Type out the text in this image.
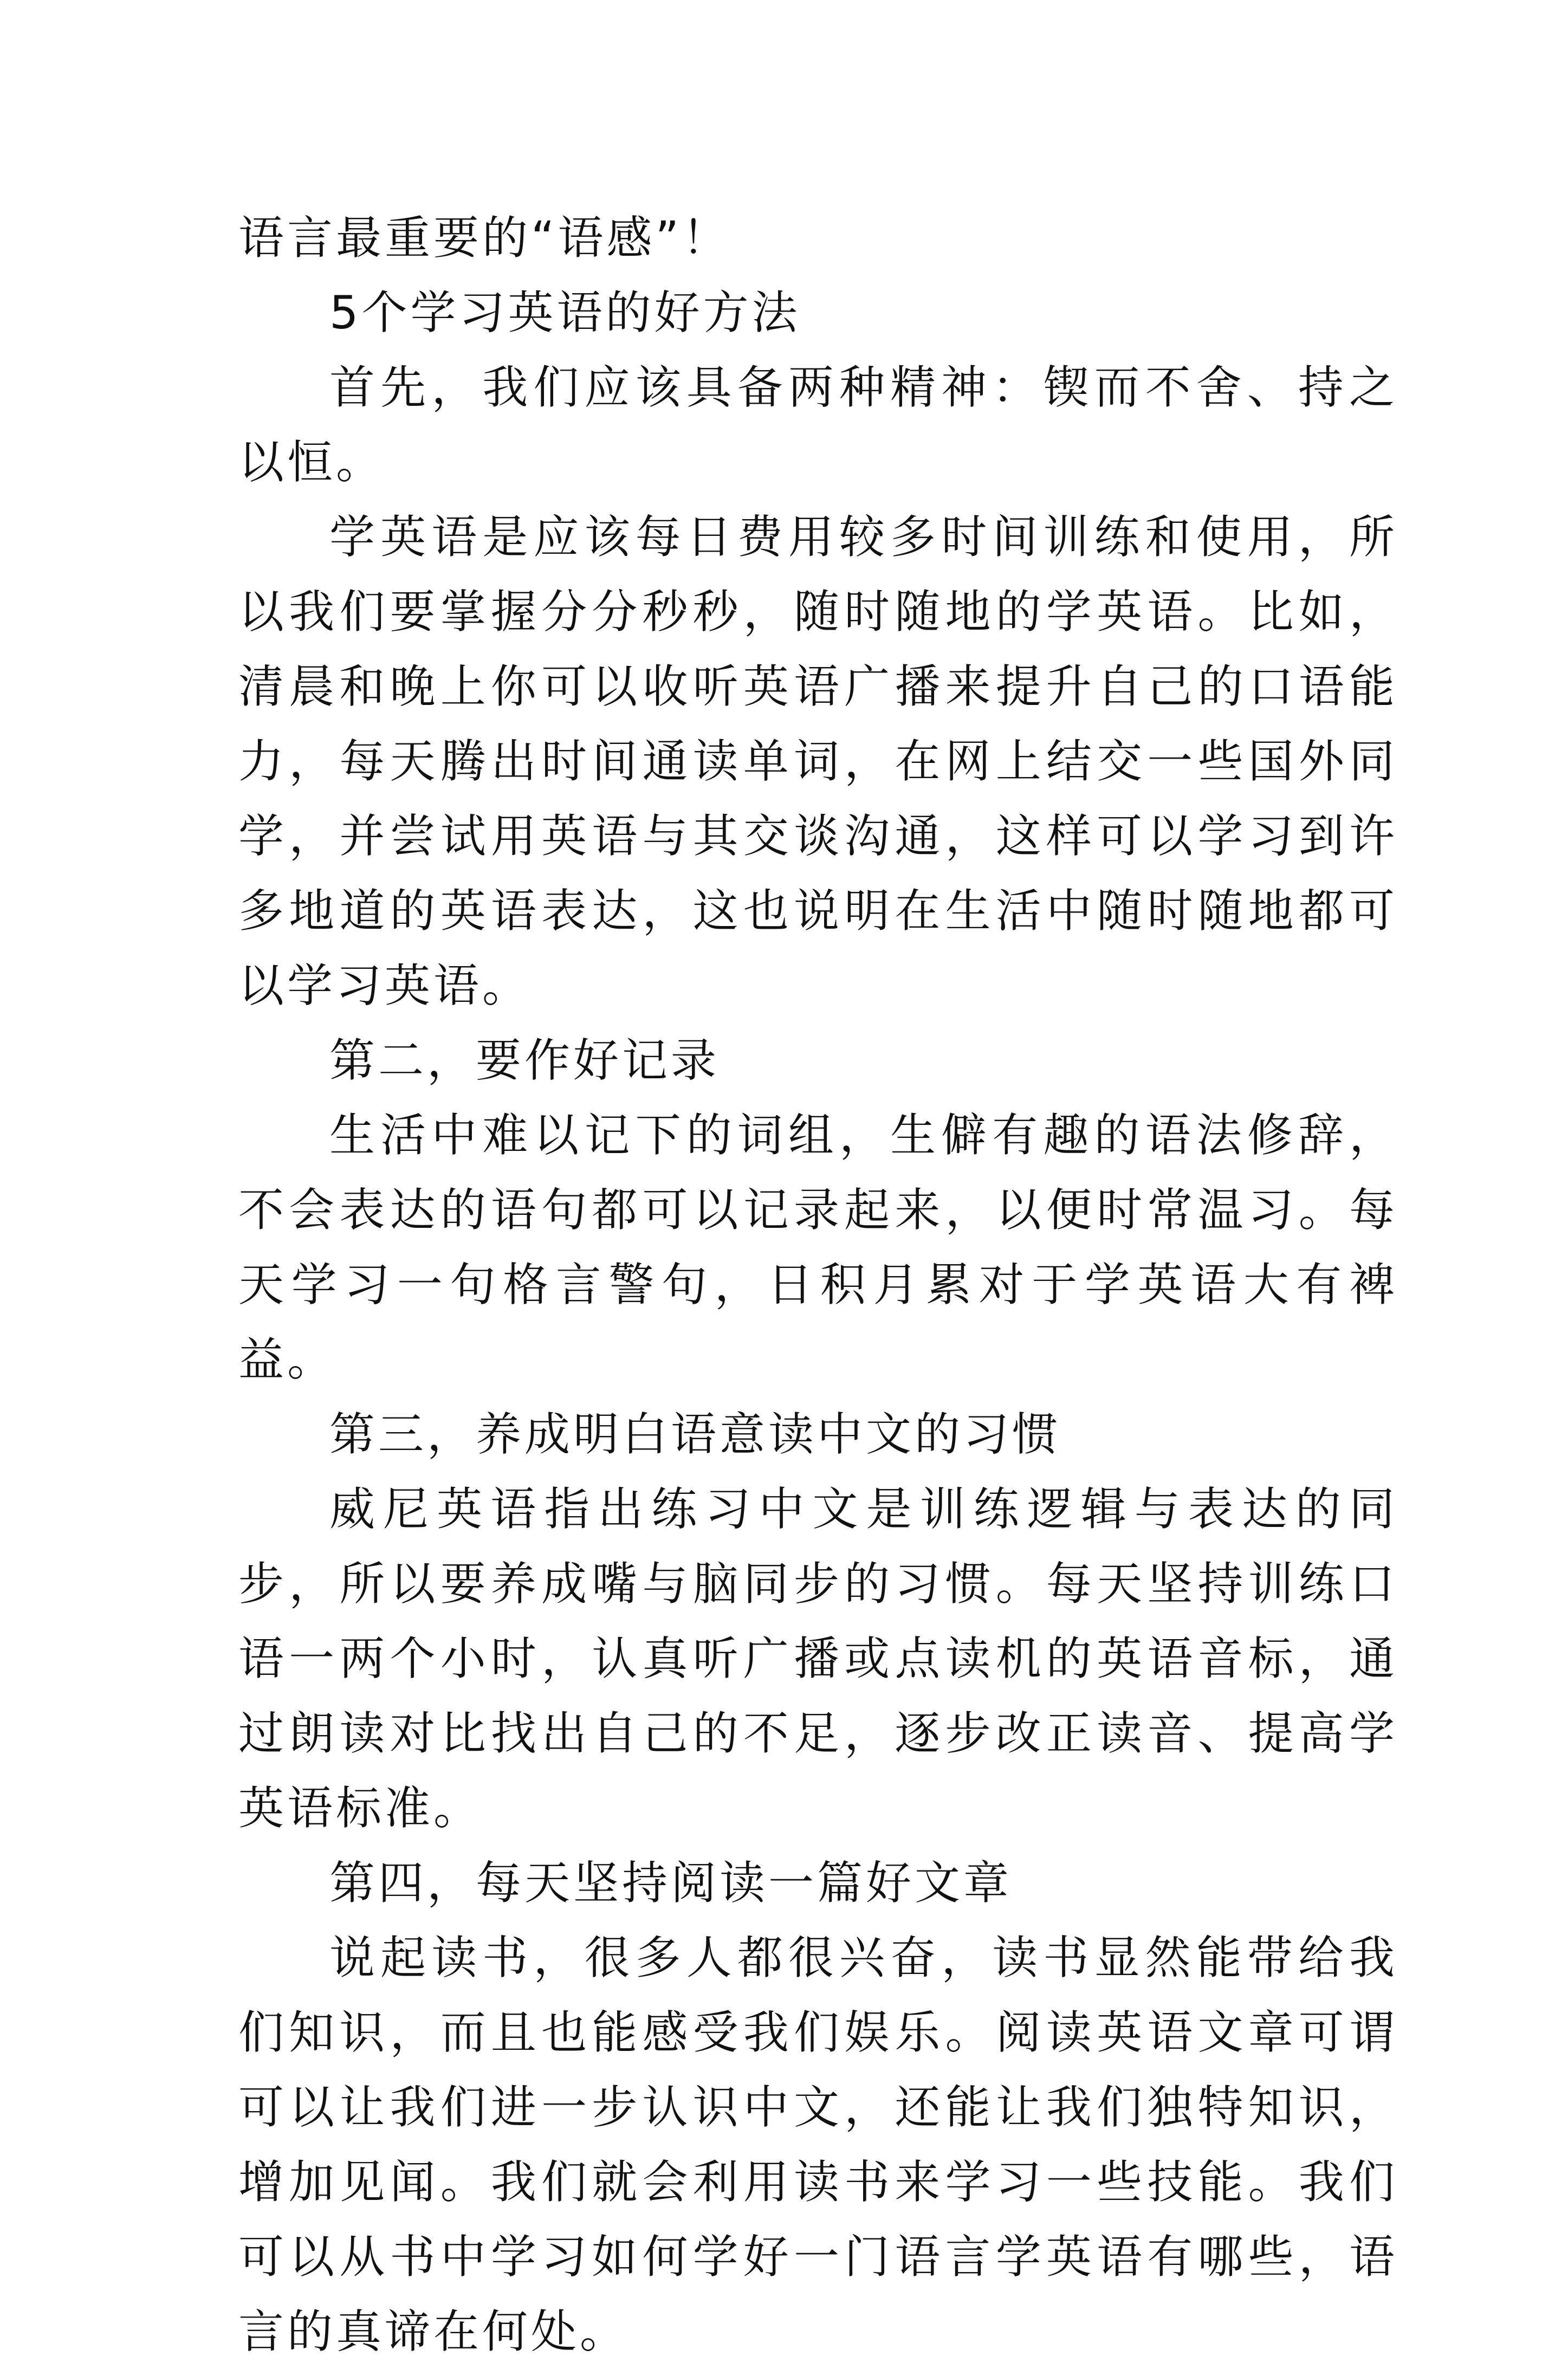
语言最重要的“语感”！

5个学习英语的好方法

首先，我们应该具备两种精神：锲而不舍、持之以恒。

学英语是应该每日费用较多时间训练和使用，所以我们要掌握分分秒秒，随时随地的学英语。比如，清晨和晚上你可以收听英语广播来提升自己的口语能力，每天腾出时间通读单词，在网上结交一些国外同学，并尝试用英语与其交谈沟通，这样可以学习到许多地道的英语表达，这也说明在生活中随时随地都可以学习英语。

第二，要作好记录

生活中难以记下的词组，生僻有趣的语法修辞，不会表达的语句都可以记录起来，以便时常温习。每天学习一句格言警句，日积月累对于学英语大有裨益。

第三，养成明白语意读中文的习惯

威尼英语指出练习中文是训练逻辑与表达的同步，所以要养成嘴与脑同步的习惯。每天坚持训练口语一两个小时，认真听广播或点读机的英语音标，通过朗读对比找出自己的不足，逐步改正读音、提高学英语标准。

第四，每天坚持阅读一篇好文章

说起读书，很多人都很兴奋，读书显然能带给我们知识，而且也能感受我们娱乐。阅读英语文章可谓可以让我们进一步认识中文，还能让我们独特知识，增加见闻。我们就会利用读书来学习一些技能。我们可以从书中学习如何学好一门语言学英语有哪些，语言的真谛在何处。
